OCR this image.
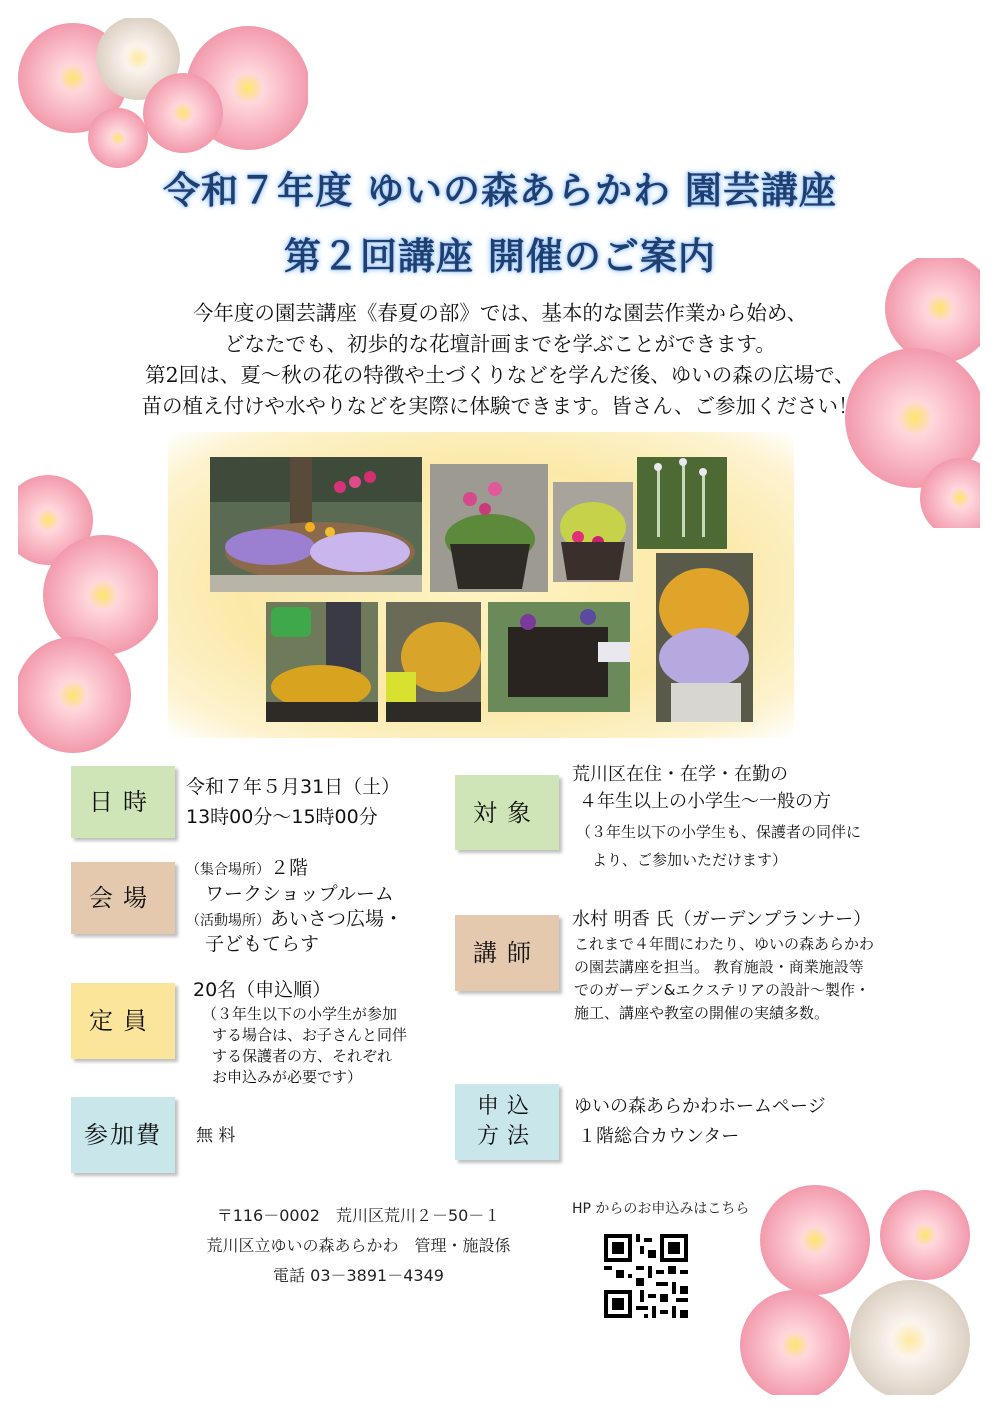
令和７年度 ゆいの森あらかわ 園芸講座
第２回講座 開催のご案内
今年度の園芸講座《春夏の部》では、基本的な園芸作業から始め、
どなたでも、初歩的な花壇計画までを学ぶことができます。
第2回は、夏～秋の花の特徴や土づくりなどを学んだ後、ゆいの森の広場で、
苗の植え付けや水やりなどを実際に体験できます。皆さん、ご参加ください！
日時
令和７年５月31日（土）
13時00分～15時00分
会場
（集合場所）２階
ワークショップルーム
（活動場所）あいさつ広場・
子どもてらす
定員
20名（申込順）
（３年生以下の小学生が参加
する場合は、お子さんと同伴
する保護者の方、それぞれ
お申込みが必要です）
参加費	無 料
対象
荒川区在住・在学・在勤の
４年生以上の小学生～一般の方
（３年生以下の小学生も、保護者の同伴に
より、ご参加いただけます）
講師
水村 明香 氏（ガーデンプランナー）
これまで４年間にわたり、ゆいの森あらかわ
の園芸講座を担当。 教育施設・商業施設等
でのガーデン&エクステリアの設計～製作・
施工、講座や教室の開催の実績多数。
申込
方法
ゆいの森あらかわホームページ
１階総合カウンター
〒116－0002　荒川区荒川２－50－１
荒川区立ゆいの森あらかわ　管理・施設係
電話 03－3891－4349
HP からのお申込みはこちら
